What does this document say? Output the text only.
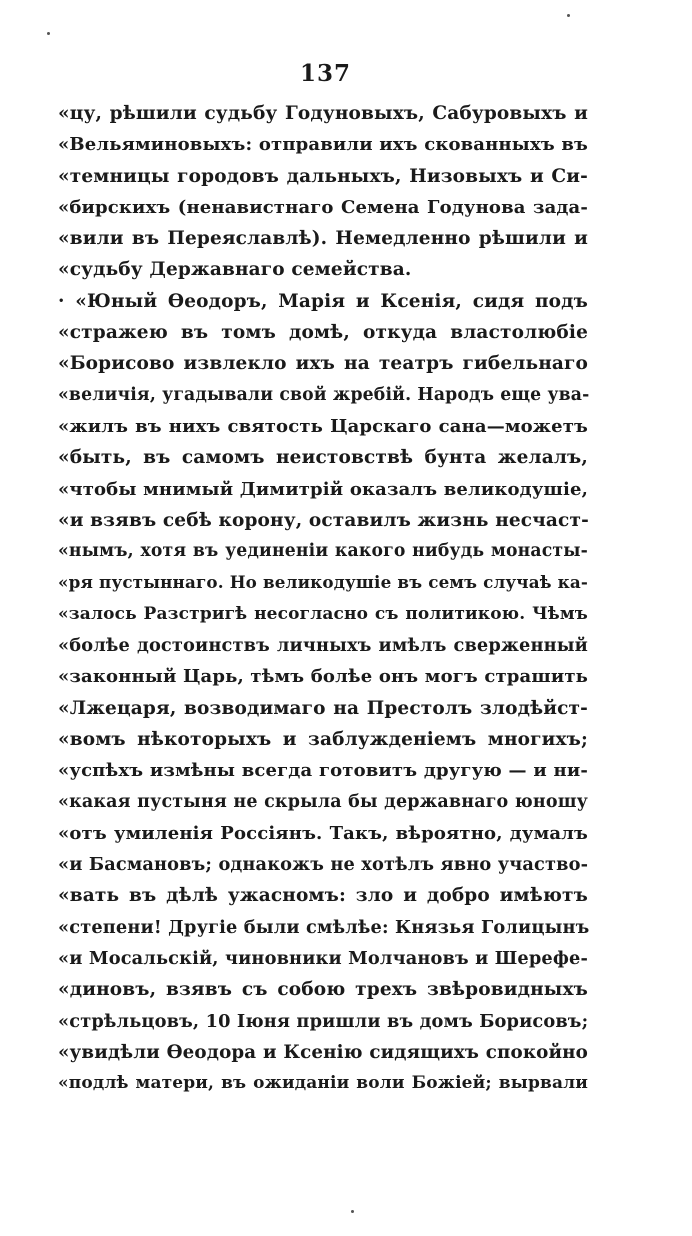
137
«цу, рѣшили судьбу Годуновыхъ, Сабуровыхъ и
«Вельяминовыхъ: отправили ихъ скованныхъ въ
«темницы городовъ дальныхъ, Низовыхъ и Си-
«бирскихъ (ненавистнаго Семена Годунова зада-
«вили въ Переяславлѣ). Немедленно рѣшили и
«судьбу Державнаго семейства.
· «Юный Ѳеодоръ, Марія и Ксенія, сидя подъ
«стражею въ томъ домѣ, откуда властолюбіе
«Борисово извлекло ихъ на театръ гибельнаго
«величія, угадывали свой жребій. Народъ еще ува-
«жилъ въ нихъ святость Царскаго сана—можетъ
«быть, въ самомъ неистовствѣ бунта желалъ,
«чтобы мнимый Димитрій оказалъ великодушіе,
«и взявъ себѣ корону, оставилъ жизнь несчаст-
«нымъ, хотя въ уединеніи какого нибудь монасты-
«ря пустыннаго. Но великодушіе въ семъ случаѣ ка-
«залось Разстригѣ несогласно съ политикою. Чѣмъ
«болѣе достоинствъ личныхъ имѣлъ сверженный
«законный Царь, тѣмъ болѣе онъ могъ страшить
«Лжецаря, возводимаго на Престолъ злодѣйст-
«вомъ нѣкоторыхъ и заблужденіемъ многихъ;
«успѣхъ измѣны всегда готовитъ другую — и ни-
«какая пустыня не скрыла бы державнаго юношу
«отъ умиленія Россіянъ. Такъ, вѣроятно, думалъ
«и Басмановъ; однакожъ не хотѣлъ явно участво-
«вать въ дѣлѣ ужасномъ: зло и добро имѣютъ
«степени! Другіе были смѣлѣе: Князья Голицынъ
«и Мосальскій, чиновники Молчановъ и Шерефе-
«диновъ, взявъ съ собою трехъ звѣровидныхъ
«стрѣльцовъ, 10 Іюня пришли въ домъ Борисовъ;
«увидѣли Ѳеодора и Ксенію сидящихъ спокойно
«подлѣ матери, въ ожиданіи воли Божіей; вырвали
